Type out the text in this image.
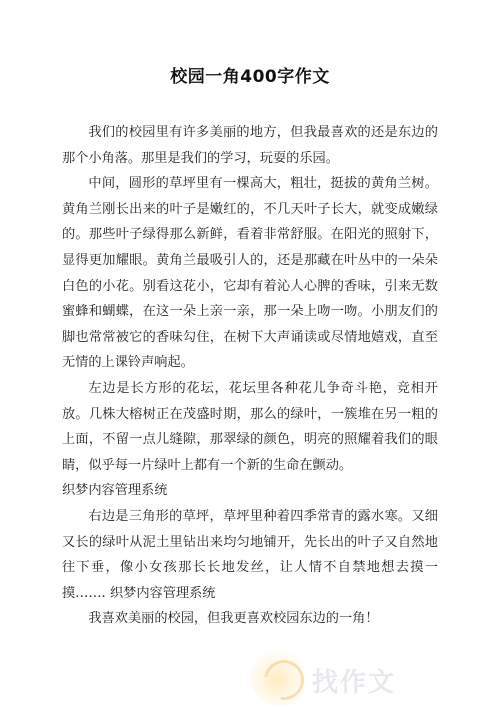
校园一角400字作文

我们的校园里有许多美丽的地方，但我最喜欢的还是东边的那个小角落。那里是我们的学习，玩耍的乐园。

中间，圆形的草坪里有一棵高大，粗壮，挺拔的黄角兰树。黄角兰刚长出来的叶子是嫩红的，不几天叶子长大，就变成嫩绿的。那些叶子绿得那么新鲜，看着非常舒服。在阳光的照射下，显得更加耀眼。黄角兰最吸引人的，还是那藏在叶丛中的一朵朵白色的小花。别看这花小，它却有着沁人心脾的香味，引来无数蜜蜂和蝴蝶，在这一朵上亲一亲，那一朵上吻一吻。小朋友们的脚也常常被它的香味勾住，在树下大声诵读或尽情地嬉戏，直至无情的上课铃声响起。

左边是长方形的花坛，花坛里各种花儿争奇斗艳，竞相开放。几株大榕树正在茂盛时期，那么的绿叶，一簇堆在另一粗的上面，不留一点儿缝隙，那翠绿的颜色，明亮的照耀着我们的眼睛，似乎每一片绿叶上都有一个新的生命在颤动。

织梦内容管理系统

右边是三角形的草坪，草坪里种着四季常青的露水寒。又细又长的绿叶从泥土里钻出来均匀地铺开，先长出的叶子又自然地往下垂，像小女孩那长长地发丝，让人情不自禁地想去摸一摸……. 织梦内容管理系统

我喜欢美丽的校园，但我更喜欢校园东边的一角！

找作文
